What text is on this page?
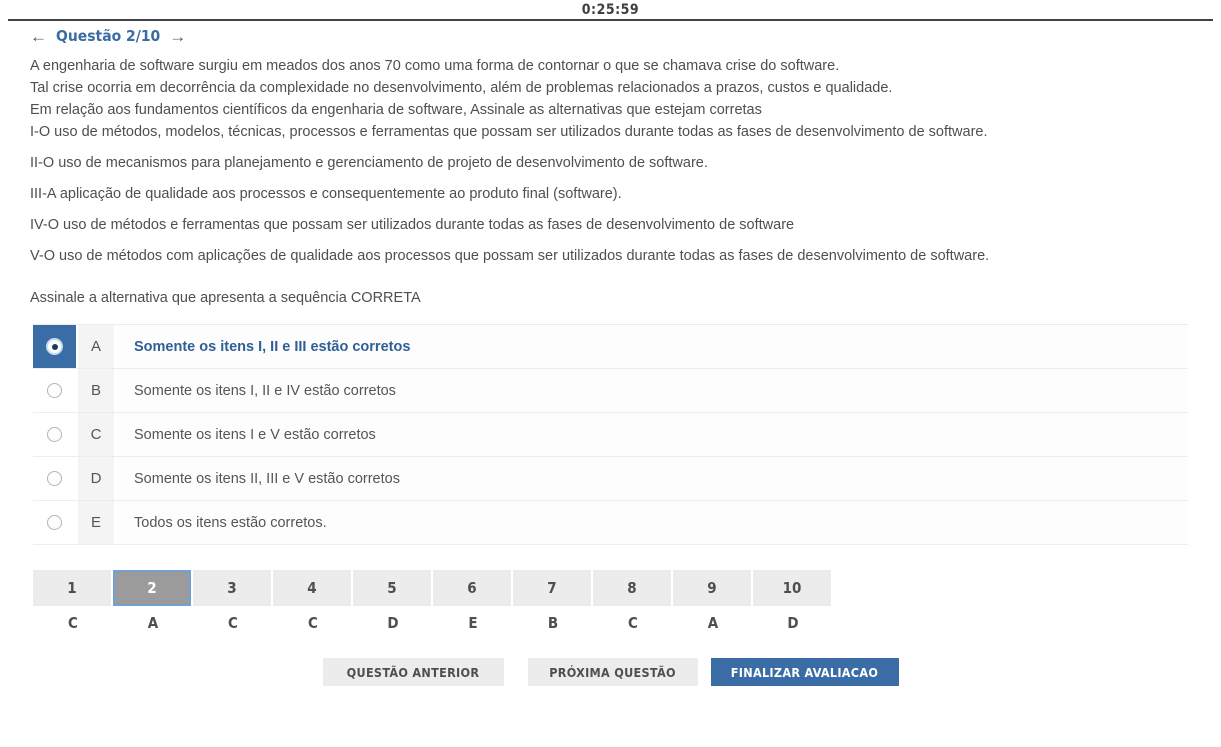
0:25:59
← Questão 2/10 →

A engenharia de software surgiu em meados dos anos 70 como uma forma de contornar o que se chamava crise do software.

Tal crise ocorria em decorrência da complexidade no desenvolvimento, além de problemas relacionados a prazos, custos e qualidade.

Em relação aos fundamentos científicos da engenharia de software, Assinale as alternativas que estejam corretas

I-O uso de métodos, modelos, técnicas, processos e ferramentas que possam ser utilizados durante todas as fases de desenvolvimento de software.

II-O uso de mecanismos para planejamento e gerenciamento de projeto de desenvolvimento de software.

III-A aplicação de qualidade aos processos e consequentemente ao produto final (software).

IV-O uso de métodos e ferramentas que possam ser utilizados durante todas as fases de desenvolvimento de software

V-O uso de métodos com aplicações de qualidade aos processos que possam ser utilizados durante todas as fases de desenvolvimento de software.

Assinale a alternativa que apresenta a sequência CORRETA

A	Somente os itens I, II e III estão corretos
B	Somente os itens I, II e IV estão corretos
C	Somente os itens I e V estão corretos
D	Somente os itens II, III e V estão corretos
E	Todos os itens estão corretos.
1	2	3	4	5	6	7	8	9	10
C	A	C	C	D	E	B	C	A	D
QUESTÃO ANTERIOR	PRÓXIMA QUESTÃO	FINALIZAR AVALIACAO
